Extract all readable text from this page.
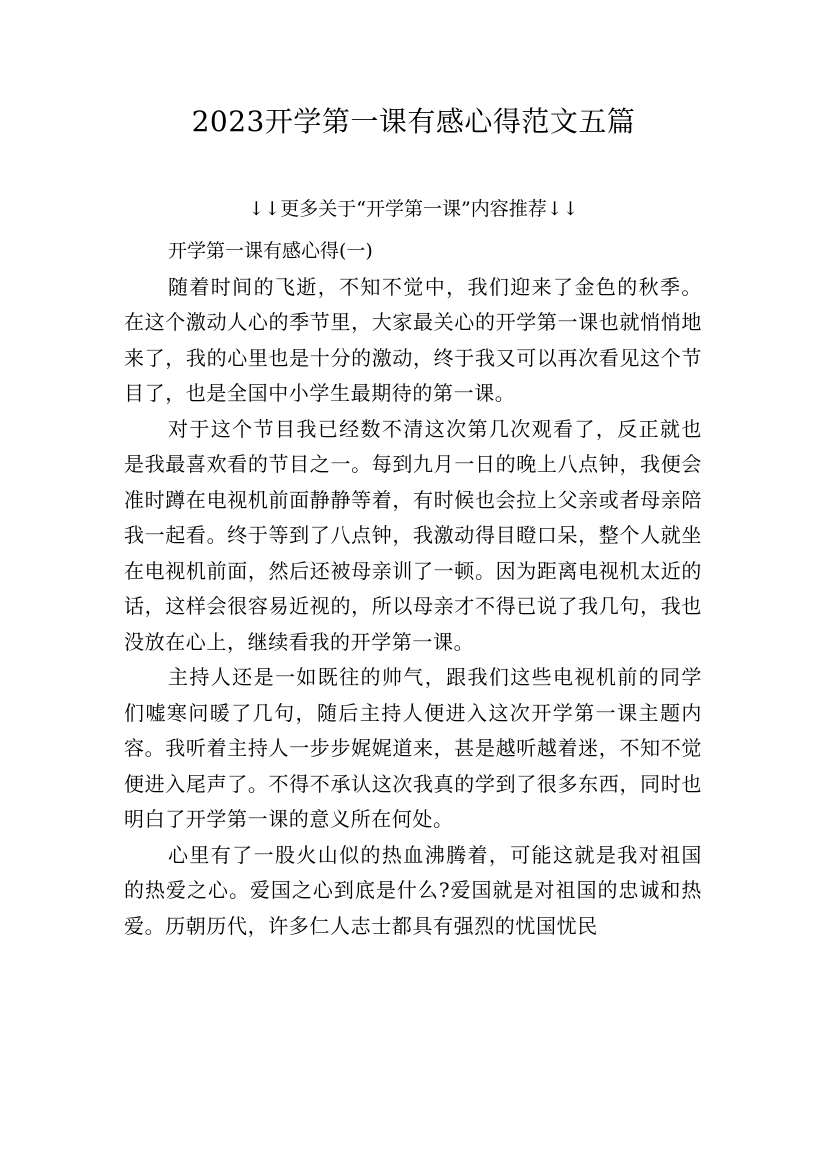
2023开学第一课有感心得范文五篇

↓↓更多关于“开学第一课”内容推荐↓↓

开学第一课有感心得(一)

随着时间的飞逝，不知不觉中，我们迎来了金色的秋季。在这个激动人心的季节里，大家最关心的开学第一课也就悄悄地来了，我的心里也是十分的激动，终于我又可以再次看见这个节目了，也是全国中小学生最期待的第一课。

对于这个节目我已经数不清这次第几次观看了，反正就也是我最喜欢看的节目之一。每到九月一日的晚上八点钟，我便会准时蹲在电视机前面静静等着，有时候也会拉上父亲或者母亲陪我一起看。终于等到了八点钟，我激动得目瞪口呆，整个人就坐在电视机前面，然后还被母亲训了一顿。因为距离电视机太近的话，这样会很容易近视的，所以母亲才不得已说了我几句，我也没放在心上，继续看我的开学第一课。

主持人还是一如既往的帅气，跟我们这些电视机前的同学们嘘寒问暖了几句，随后主持人便进入这次开学第一课主题内容。我听着主持人一步步娓娓道来，甚是越听越着迷，不知不觉便进入尾声了。不得不承认这次我真的学到了很多东西，同时也明白了开学第一课的意义所在何处。

心里有了一股火山似的热血沸腾着，可能这就是我对祖国的热爱之心。爱国之心到底是什么?爱国就是对祖国的忠诚和热爱。历朝历代，许多仁人志士都具有强烈的忧国忧民
